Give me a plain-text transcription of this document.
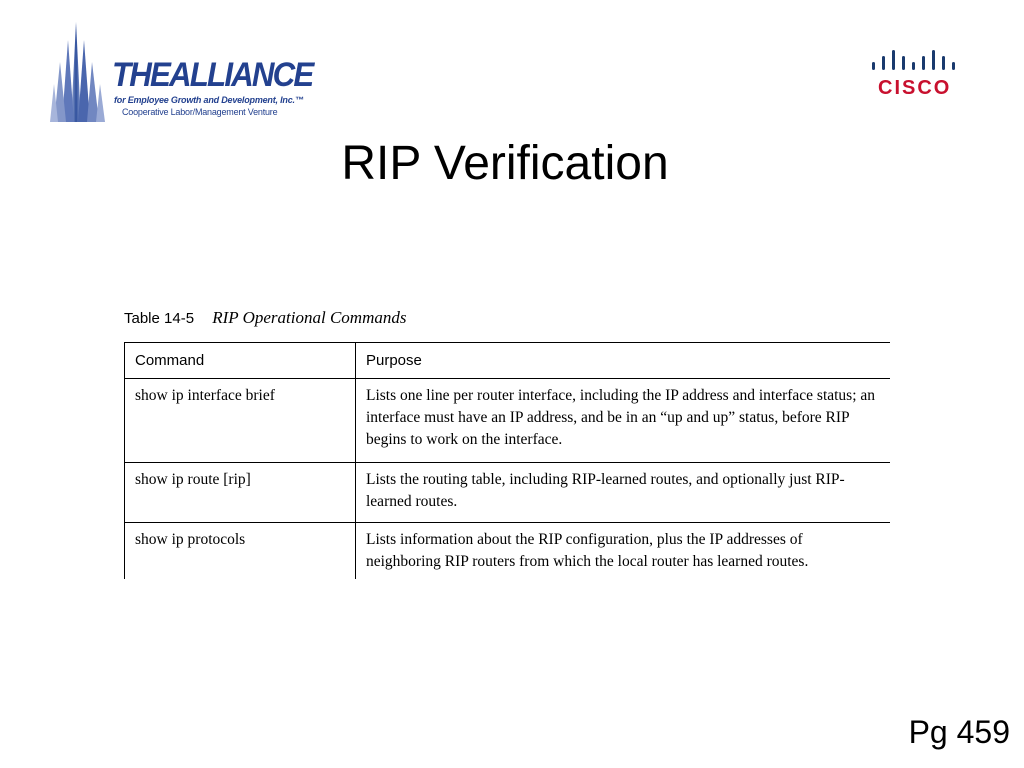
THEALLIANCE
for Employee Growth and Development, Inc.™
Cooperative Labor/Management Venture
CISCO
RIP Verification
Table 14-5 RIP Operational Commands
Command	Purpose
show ip interface brief	Lists one line per router interface, including the IP address and interface status; an interface must have an IP address, and be in an “up and up” status, before RIP begins to work on the interface.
show ip route [rip]	Lists the routing table, including RIP-learned routes, and optionally just RIP-learned routes.
show ip protocols	Lists information about the RIP configuration, plus the IP addresses of neighboring RIP routers from which the local router has learned routes.
Pg 459
